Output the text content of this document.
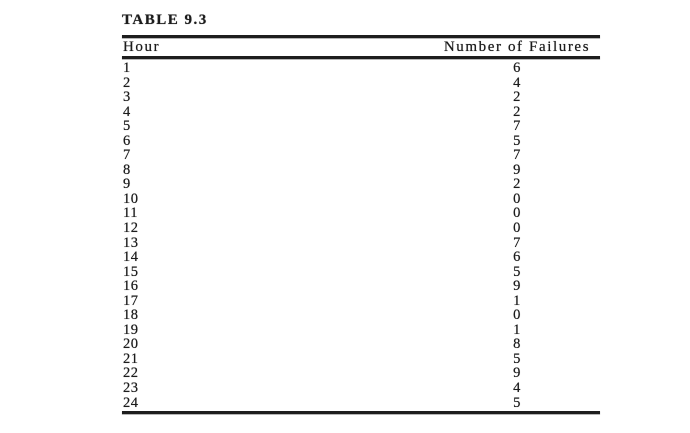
TABLE 9.3
Hour	Number of Failures
1	6
2	4
3	2
4	2
5	7
6	5
7	7
8	9
9	2
10	0
11	0
12	0
13	7
14	6
15	5
16	9
17	1
18	0
19	1
20	8
21	5
22	9
23	4
24	5
